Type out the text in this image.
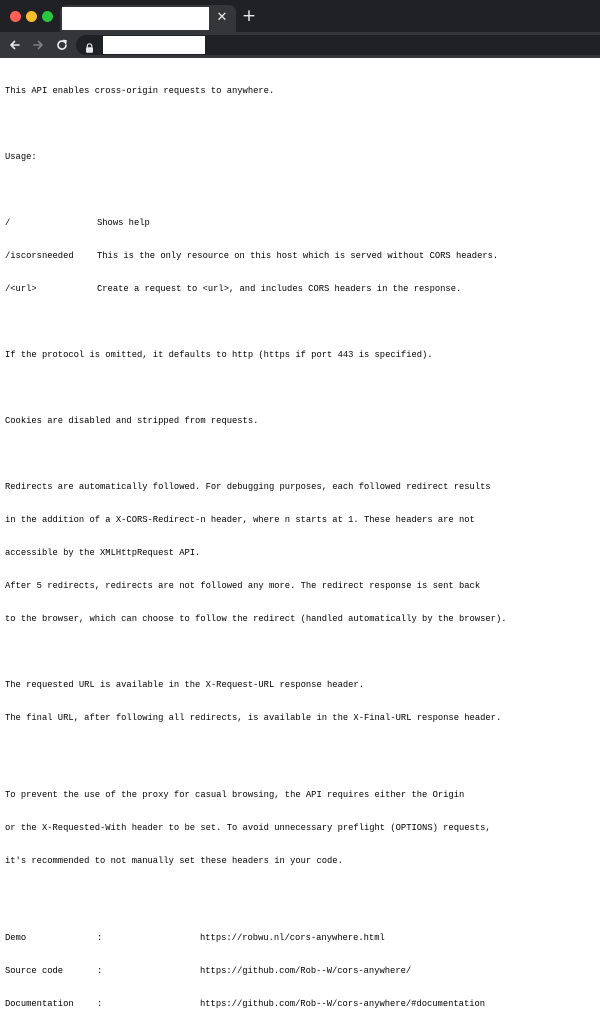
✕ +

This API enables cross-origin requests to anywhere.

Usage:

/	Shows help

/iscorsneeded	This is the only resource on this host which is served without CORS headers.

/<url>	Create a request to <url>, and includes CORS headers in the response.

If the protocol is omitted, it defaults to http (https if port 443 is specified).

Cookies are disabled and stripped from requests.

Redirects are automatically followed. For debugging purposes, each followed redirect results

in the addition of a X-CORS-Redirect-n header, where n starts at 1. These headers are not

accessible by the XMLHttpRequest API.

After 5 redirects, redirects are not followed any more. The redirect response is sent back

to the browser, which can choose to follow the redirect (handled automatically by the browser).

The requested URL is available in the X-Request-URL response header.

The final URL, after following all redirects, is available in the X-Final-URL response header.

To prevent the use of the proxy for casual browsing, the API requires either the Origin

or the X-Requested-With header to be set. To avoid unnecessary preflight (OPTIONS) requests,

it's recommended to not manually set these headers in your code.

Demo	:	https://robwu.nl/cors-anywhere.html

Source code	:	https://github.com/Rob--W/cors-anywhere/

Documentation	:	https://github.com/Rob--W/cors-anywhere/#documentation
